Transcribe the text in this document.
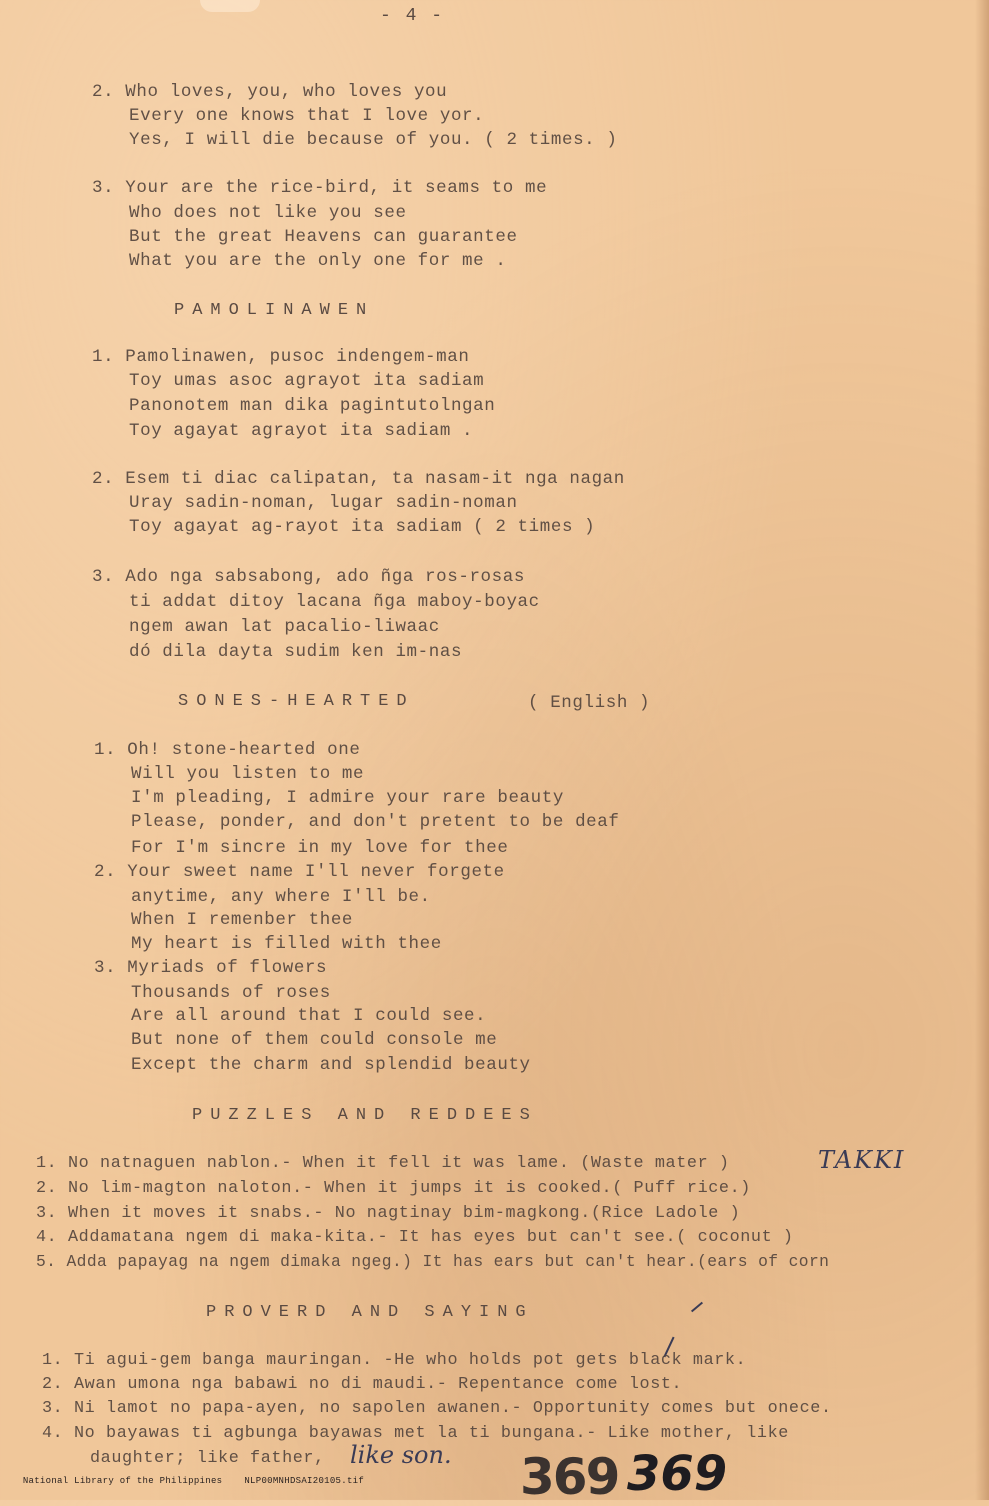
- 4 -
2. Who loves, you, who loves you
Every one knows that I love yor.
Yes, I will die because of you. ( 2 times. )
3. Your are the rice-bird, it seams to me
Who does not like you see
But the great Heavens can guarantee
What you are the only one for me .
PAMOLINAWEN
1. Pamolinawen, pusoc indengem-man
Toy umas asoc agrayot ita sadiam
Panonotem man dika pagintutolngan
Toy agayat agrayot ita sadiam .
2. Esem ti diac calipatan, ta nasam-it nga nagan
Uray sadin-noman, lugar sadin-noman
Toy agayat ag-rayot ita sadiam ( 2 times )
3. Ado nga sabsabong, ado ñga ros-rosas
ti addat ditoy lacana ñga maboy-boyac
ngem awan lat pacalio-liwaac
dó dila dayta sudim ken im-nas
SONES-HEARTED	( English )
1. Oh! stone-hearted one
Will you listen to me
I'm pleading, I admire your rare beauty
Please, ponder, and don't pretent to be deaf
For I'm sincre in my love for thee
2. Your sweet name I'll never forgete
anytime, any where I'll be.
When I remenber thee
My heart is filled with thee
3. Myriads of flowers
Thousands of roses
Are all around that I could see.
But none of them could console me
Except the charm and splendid beauty
PUZZLES AND REDDEES
1. No natnaguen nablon.- When it fell it was lame. (Waste mater )	TAKKI
2. No lim-magton naloton.- When it jumps it is cooked.( Puff rice.)
3. When it moves it snabs.- No nagtinay bim-magkong.(Rice Ladole )
4. Addamatana ngem di maka-kita.- It has eyes but can't see.( coconut )
5. Adda papayag na ngem dimaka ngeg.) It has ears but can't hear.(ears of corn
PROVERD AND SAYING
1. Ti agui-gem banga mauringan. -He who holds pot gets black mark.
2. Awan umona nga babawi no di maudi.- Repentance come lost.
3. Ni lamot no papa-ayen, no sapolen awanen.- Opportunity comes but onece.
4. No bayawas ti agbunga bayawas met la ti bungana.- Like mother, like
daughter; like father, like son. 369 369

National Library of the Philippines NLP00MNHDSAI20105.tif
